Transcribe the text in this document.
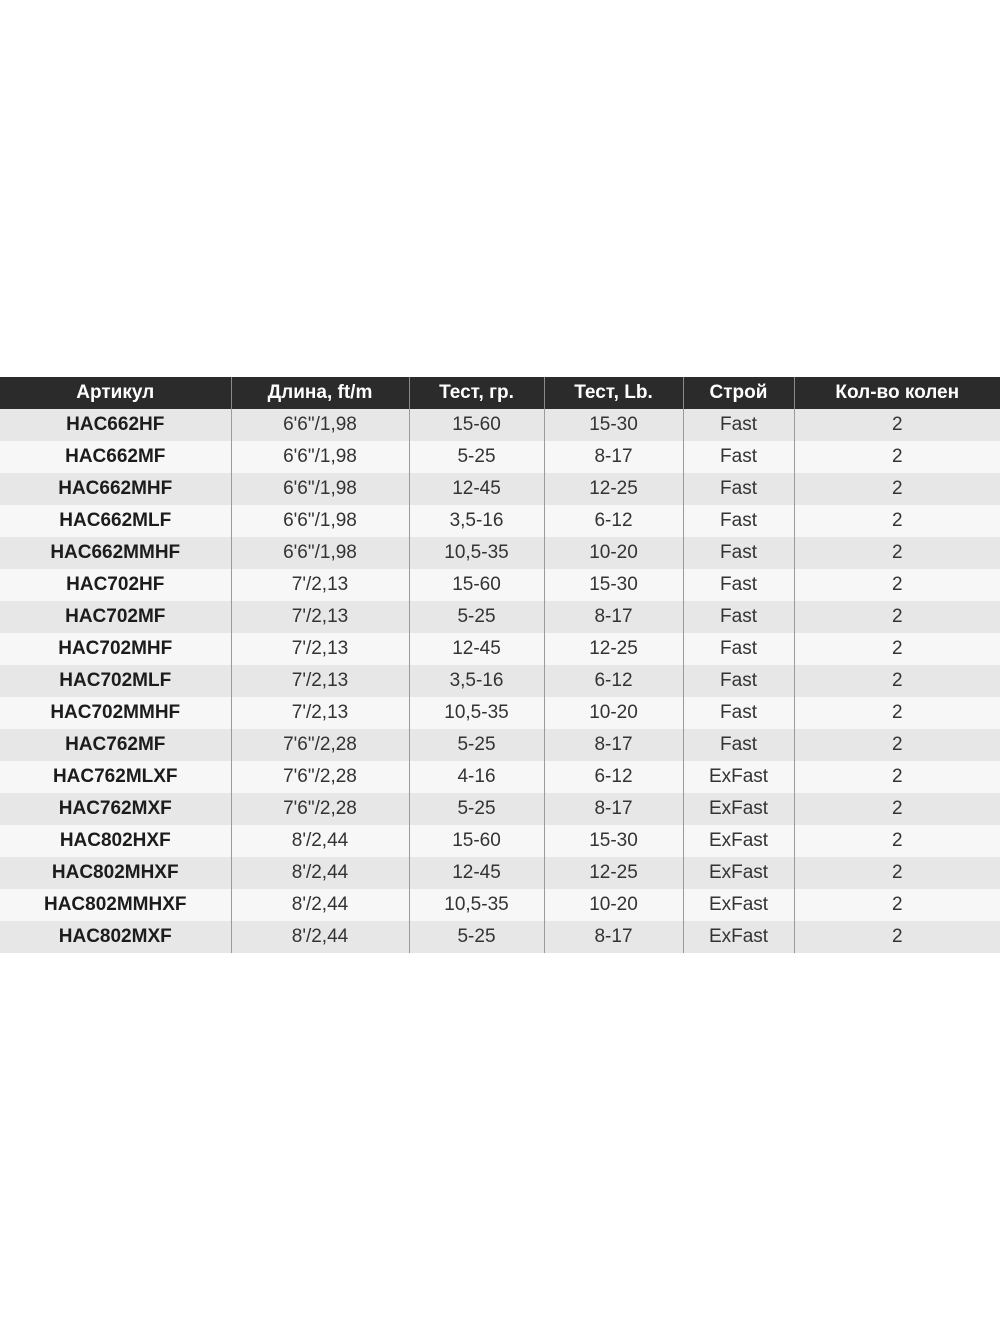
Артикул	Длина, ft/m	Тест, гр.	Тест, Lb.	Строй	Кол-во колен
HAC662HF	6'6"/1,98	15-60	15-30	Fast	2
HAC662MF	6'6"/1,98	5-25	8-17	Fast	2
HAC662MHF	6'6"/1,98	12-45	12-25	Fast	2
HAC662MLF	6'6"/1,98	3,5-16	6-12	Fast	2
HAC662MMHF	6'6"/1,98	10,5-35	10-20	Fast	2
HAC702HF	7'/2,13	15-60	15-30	Fast	2
HAC702MF	7'/2,13	5-25	8-17	Fast	2
HAC702MHF	7'/2,13	12-45	12-25	Fast	2
HAC702MLF	7'/2,13	3,5-16	6-12	Fast	2
HAC702MMHF	7'/2,13	10,5-35	10-20	Fast	2
HAC762MF	7'6"/2,28	5-25	8-17	Fast	2
HAC762MLXF	7'6"/2,28	4-16	6-12	ExFast	2
HAC762MXF	7'6"/2,28	5-25	8-17	ExFast	2
HAC802HXF	8'/2,44	15-60	15-30	ExFast	2
HAC802MHXF	8'/2,44	12-45	12-25	ExFast	2
HAC802MMHXF	8'/2,44	10,5-35	10-20	ExFast	2
HAC802MXF	8'/2,44	5-25	8-17	ExFast	2
